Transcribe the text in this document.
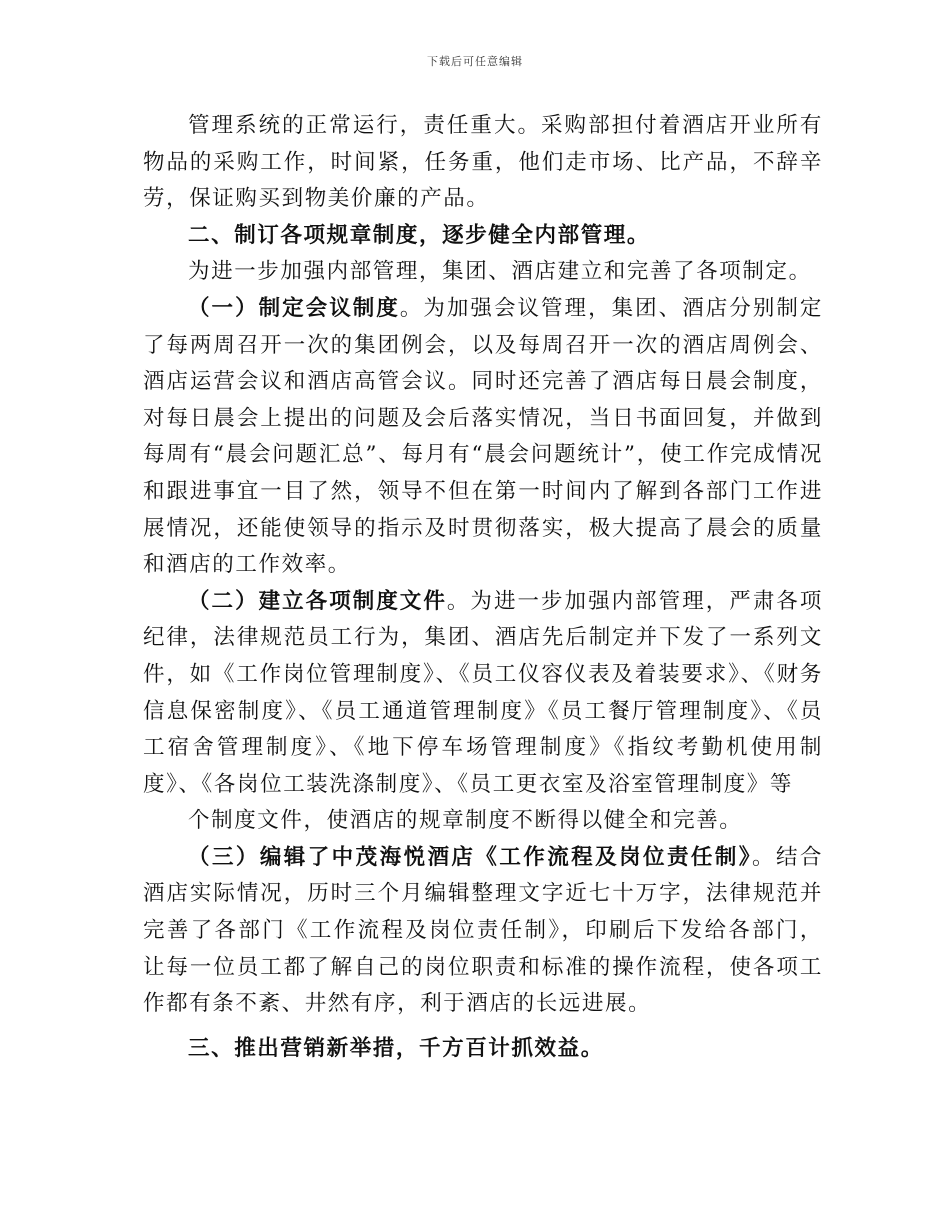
下载后可任意编辑

管理系统的正常运行，责任重大。采购部担付着酒店开业所有物品的采购工作，时间紧，任务重，他们走市场、比产品，不辞辛劳，保证购买到物美价廉的产品。

二、制订各项规章制度，逐步健全内部管理。

为进一步加强内部管理，集团、酒店建立和完善了各项制定。

（一）制定会议制度。为加强会议管理，集团、酒店分别制定了每两周召开一次的集团例会，以及每周召开一次的酒店周例会、酒店运营会议和酒店高管会议。同时还完善了酒店每日晨会制度，对每日晨会上提出的问题及会后落实情况，当日书面回复，并做到每周有“晨会问题汇总”、每月有“晨会问题统计”，使工作完成情况和跟进事宜一目了然，领导不但在第一时间内了解到各部门工作进展情况，还能使领导的指示及时贯彻落实，极大提高了晨会的质量和酒店的工作效率。

（二）建立各项制度文件。为进一步加强内部管理，严肃各项纪律，法律规范员工行为，集团、酒店先后制定并下发了一系列文件，如《工作岗位管理制度》、《员工仪容仪表及着装要求》、《财务信息保密制度》、《员工通道管理制度》《员工餐厅管理制度》、《员工宿舍管理制度》、《地下停车场管理制度》《指纹考勤机使用制度》、《各岗位工装洗涤制度》、《员工更衣室及浴室管理制度》等

个制度文件，使酒店的规章制度不断得以健全和完善。

（三）编辑了中茂海悦酒店《工作流程及岗位责任制》。结合酒店实际情况，历时三个月编辑整理文字近七十万字，法律规范并完善了各部门《工作流程及岗位责任制》，印刷后下发给各部门，让每一位员工都了解自己的岗位职责和标准的操作流程，使各项工作都有条不紊、井然有序，利于酒店的长远进展。

三、推出营销新举措，千方百计抓效益。
